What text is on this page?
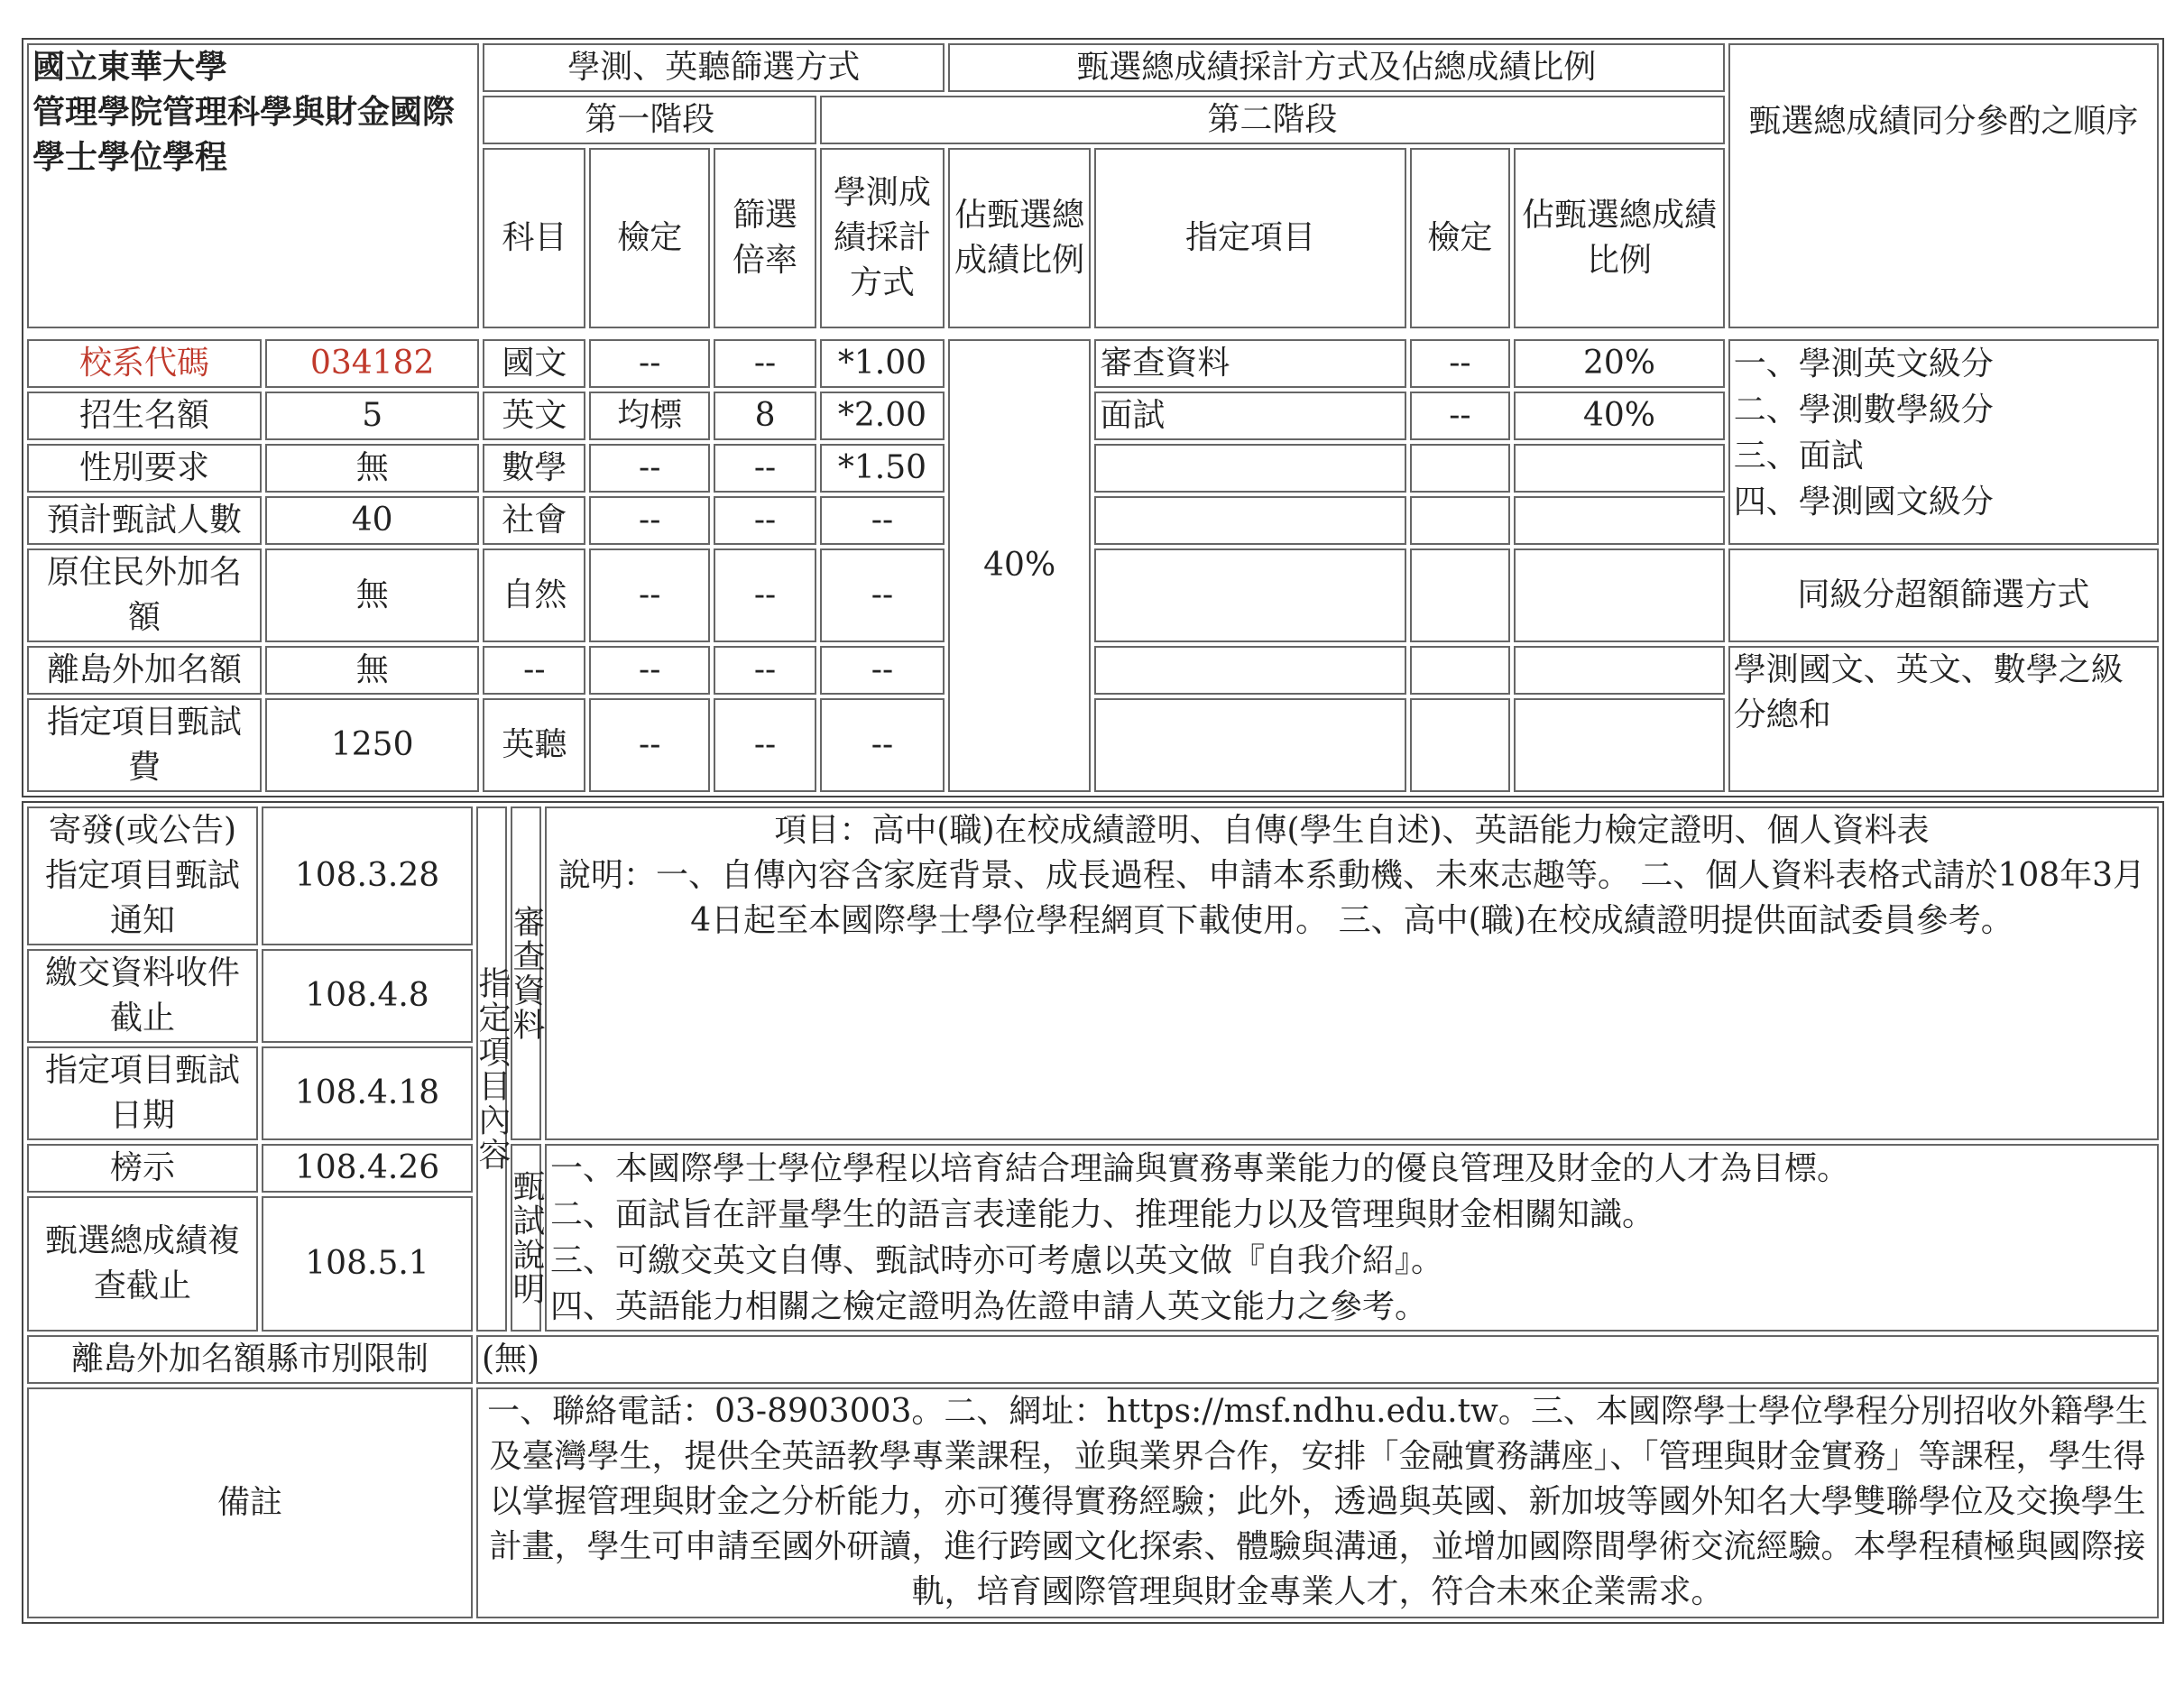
國立東華大學
管理學院管理科學與財金國際學士學位學程		學測、英聽篩選方式				甄選總成績採計方式及佔總成績比例				甄選總成績同分參酌之順序
		第一階段			第二階段					
		科目	檢定	篩選倍率	學測成績採計方式	佔甄選總成績比例	指定項目	檢定	佔甄選總成績比例	

校系代碼	034182	國文	--	--	*1.00	40%	審查資料	--	20%	一、學測英文級分
二、學測數學級分
三、面試
四、學測國文級分

招生名額	5	英文	均標	8	*2.00		面試	--	40%	
性別要求	無	數學	--	--	*1.50					
預計甄試人數	40	社會	--	--	--					
原住民外加名額	無	自然	--	--	--					同級分超額篩選方式
離島外加名額	無	--	--	--	--					學測國文、英文、數學之級分總和
指定項目甄試費	1250	英聽	--	--	--					
寄發(或公告)指定項目甄試通知	108.3.28	指定項目內容	審查資料	項目：高中(職)在校成績證明、自傳(學生自述)、英語能力檢定證明、個人資料表
說明：一、自傳內容含家庭背景、成長過程、申請本系動機、未來志趣等。 二、個人資料表格式請於108年3月4日起至本國際學士學位學程網頁下載使用。 三、高中(職)在校成績證明提供面試委員參考。

繳交資料收件截止	108.4.8			
指定項目甄試日期	108.4.18			
榜示	108.4.26		甄試說明	一、本國際學士學位學程以培育結合理論與實務專業能力的優良管理及財金的人才為目標。
二、面試旨在評量學生的語言表達能力、推理能力以及管理與財金相關知識。
三、可繳交英文自傳、甄試時亦可考慮以英文做『自我介紹』。
四、英語能力相關之檢定證明為佐證申請人英文能力之參考。

甄選總成績複查截止	108.5.1			
離島外加名額縣市別限制		(無)		
備註		一、聯絡電話：03-8903003。二、網址：https://msf.ndhu.edu.tw。三、本國際學士學位學程分別招收外籍學生及臺灣學生，提供全英語教學專業課程，並與業界合作，安排「金融實務講座」、「管理與財金實務」等課程，學生得以掌握管理與財金之分析能力，亦可獲得實務經驗；此外，透過與英國、新加坡等國外知名大學雙聯學位及交換學生計畫，學生可申請至國外研讀，進行跨國文化探索、體驗與溝通，並增加國際間學術交流經驗。本學程積極與國際接軌，培育國際管理與財金專業人才，符合未來企業需求。		
